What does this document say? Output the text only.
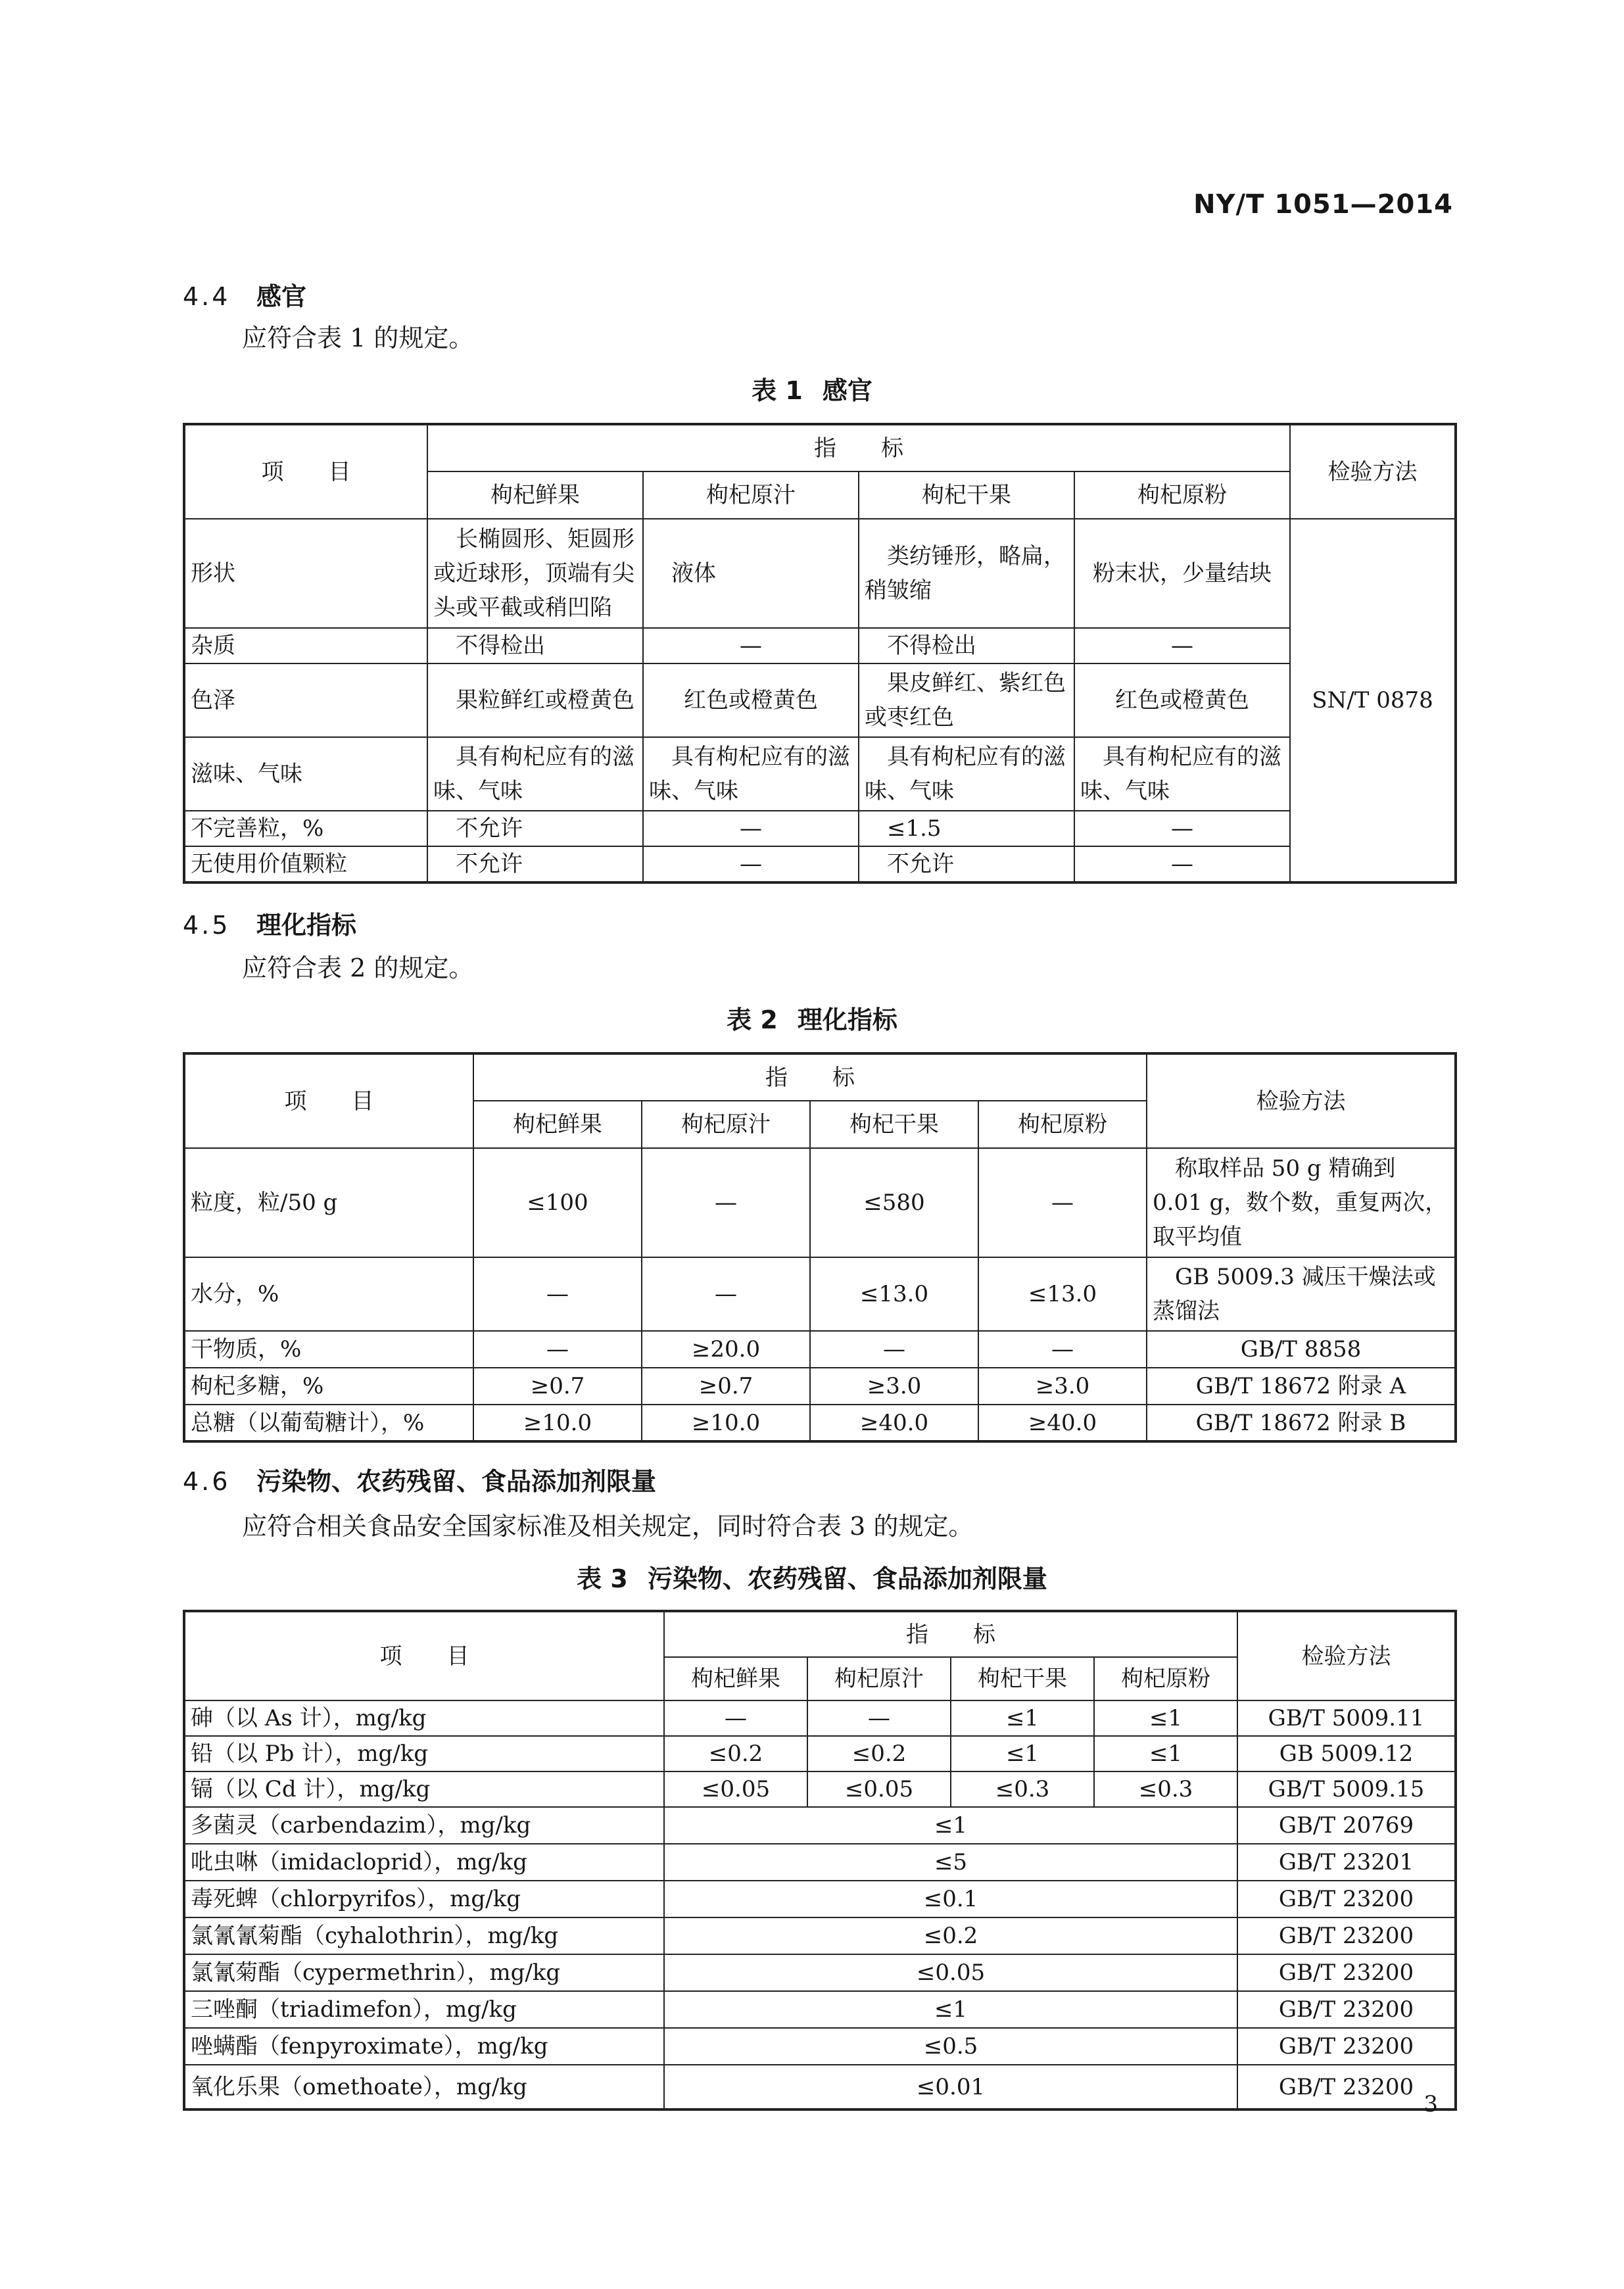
NY/T 1051—2014
4.4 感官
应符合表 1 的规定。
表 1 感官
项　　目	指　　标				检验方法
	枸杞鲜果	枸杞原汁	枸杞干果	枸杞原粉	
形状	长椭圆形、矩圆形或近球形，顶端有尖头或平截或稍凹陷	液体	类纺锤形，略扁，稍皱缩	粉末状，少量结块	SN/T 0878
杂质	不得检出	—	不得检出	—	
色泽	果粒鲜红或橙黄色	红色或橙黄色	果皮鲜红、紫红色或枣红色	红色或橙黄色	
滋味、气味	具有枸杞应有的滋味、气味	具有枸杞应有的滋味、气味	具有枸杞应有的滋味、气味	具有枸杞应有的滋味、气味	
不完善粒，%	不允许	—	≤1.5	—	
无使用价值颗粒	不允许	—	不允许	—	
4.5 理化指标
应符合表 2 的规定。
表 2 理化指标
项　　目	指　　标				检验方法
	枸杞鲜果	枸杞原汁	枸杞干果	枸杞原粉	
粒度，粒/50 g	≤100	—	≤580	—	称取样品 50 g 精确到 0.01 g，数个数，重复两次，取平均值
水分，%	—	—	≤13.0	≤13.0	GB 5009.3 减压干燥法或蒸馏法
干物质，%	—	≥20.0	—	—	GB/T 8858
枸杞多糖，%	≥0.7	≥0.7	≥3.0	≥3.0	GB/T 18672 附录 A
总糖（以葡萄糖计），%	≥10.0	≥10.0	≥40.0	≥40.0	GB/T 18672 附录 B
4.6 污染物、农药残留、食品添加剂限量
应符合相关食品安全国家标准及相关规定，同时符合表 3 的规定。
表 3 污染物、农药残留、食品添加剂限量
项　　目	指　　标				检验方法
	枸杞鲜果	枸杞原汁	枸杞干果	枸杞原粉	
砷（以 As 计），mg/kg	—	—	≤1	≤1	GB/T 5009.11
铅（以 Pb 计），mg/kg	≤0.2	≤0.2	≤1	≤1	GB 5009.12
镉（以 Cd 计），mg/kg	≤0.05	≤0.05	≤0.3	≤0.3	GB/T 5009.15
多菌灵（carbendazim），mg/kg	≤1				GB/T 20769
吡虫啉（imidacloprid），mg/kg	≤5				GB/T 23201
毒死蜱（chlorpyrifos），mg/kg	≤0.1				GB/T 23200
氯氰氰菊酯（cyhalothrin），mg/kg	≤0.2				GB/T 23200
氯氰菊酯（cypermethrin），mg/kg	≤0.05				GB/T 23200
三唑酮（triadimefon），mg/kg	≤1				GB/T 23200
唑螨酯（fenpyroximate），mg/kg	≤0.5				GB/T 23200
氧化乐果（omethoate），mg/kg	≤0.01				GB/T 23200
3
